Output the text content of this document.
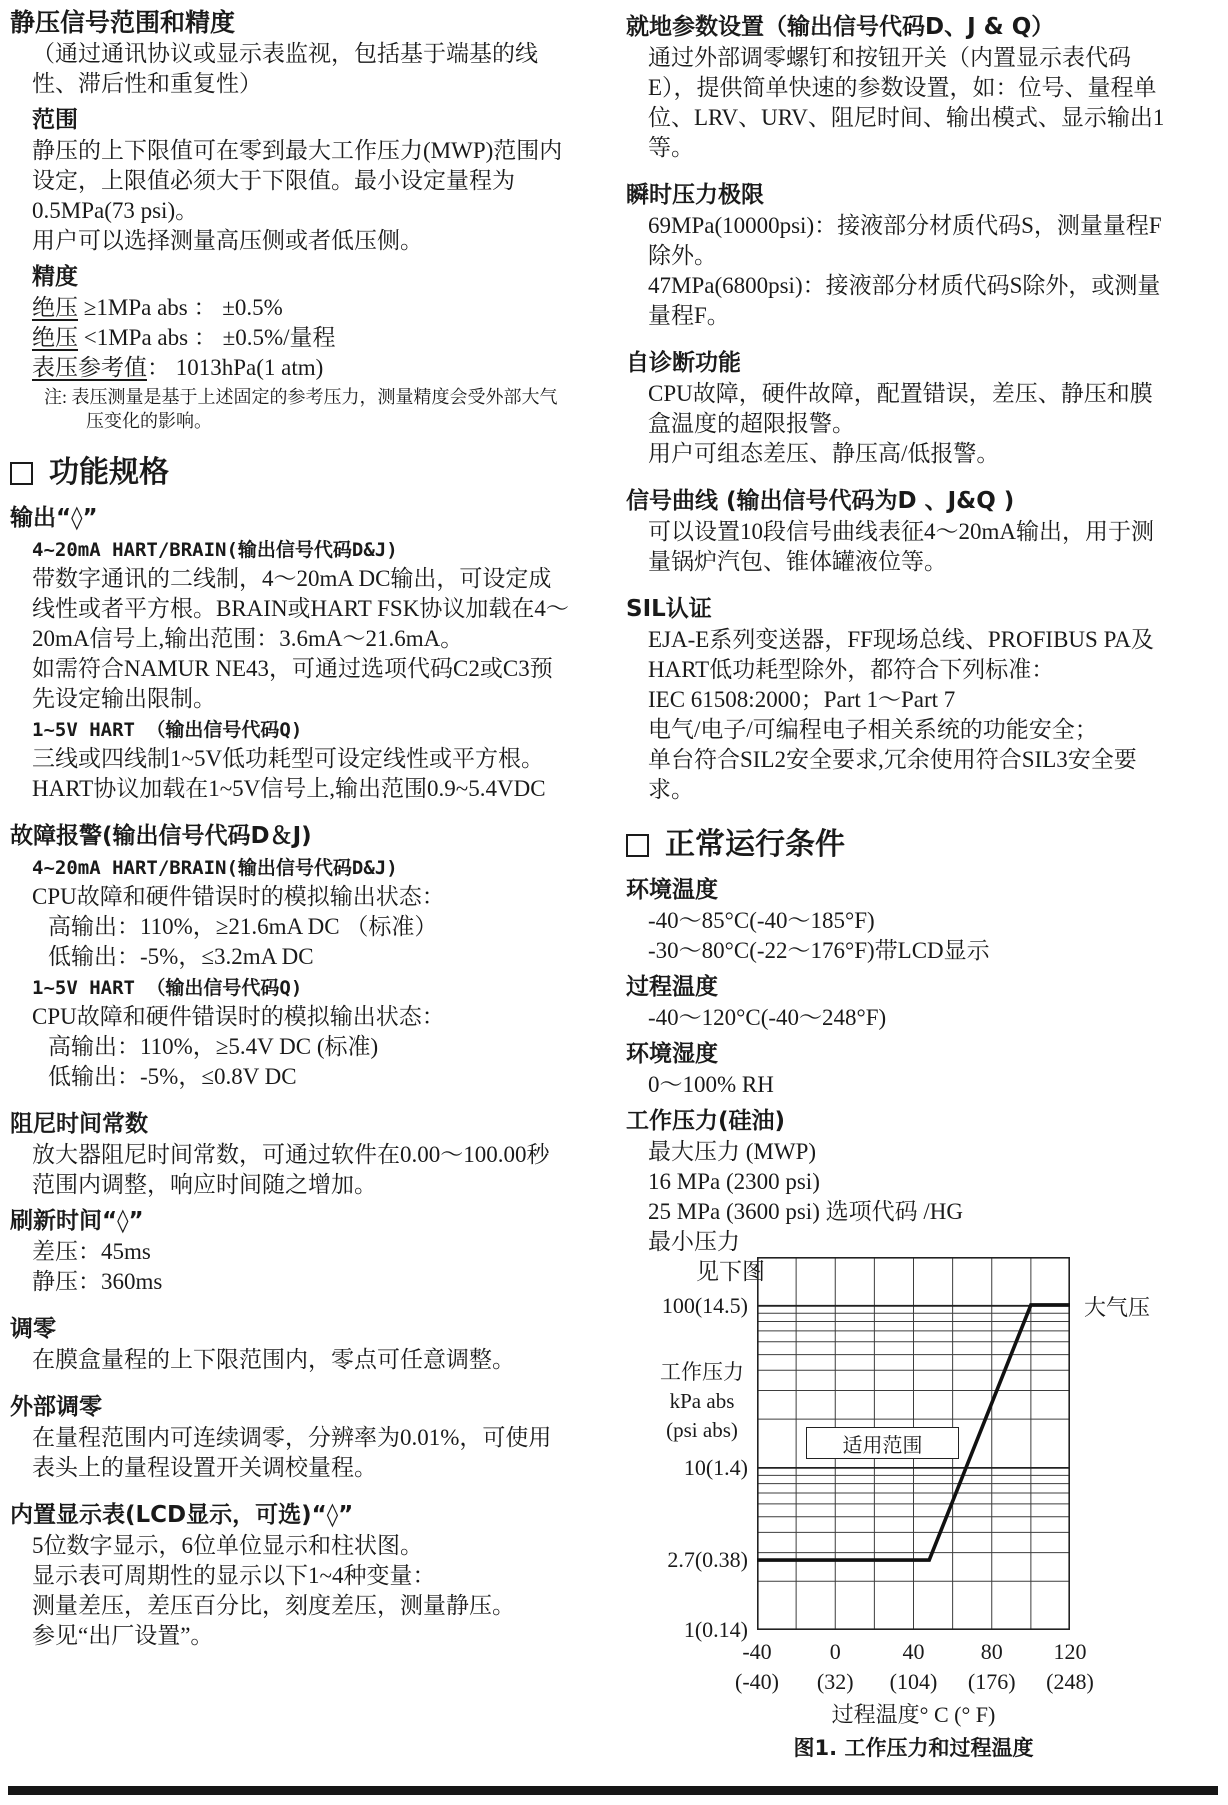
静压信号范围和精度
（通过通讯协议或显示表监视，包括基于端基的线性、滞后性和重复性）
范围
静压的上下限值可在零到最大工作压力(MWP)范围内设定，上限值必须大于下限值。最小设定量程为0.5MPa(73 psi)。
用户可以选择测量高压侧或者低压侧。
精度
绝压 ≥1MPa abs ： ±0.5%
绝压 <1MPa abs ： ±0.5%/量程
表压参考值： 1013hPa(1 atm)
注: 表压测量是基于上述固定的参考压力，测量精度会受外部大气压变化的影响。
功能规格
输出“◊”
4~20mA HART/BRAIN(输出信号代码D&J)
带数字通讯的二线制，4～20mA DC输出，可设定成线性或者平方根。BRAIN或HART FSK协议加载在4～20mA信号上,输出范围：3.6mA～21.6mA。
如需符合NAMUR NE43，可通过选项代码C2或C3预先设定输出限制。
1~5V HART （输出信号代码Q)
三线或四线制1~5V低功耗型可设定线性或平方根。
HART协议加载在1~5V信号上,输出范围0.9~5.4VDC
故障报警(输出信号代码D＆J)
4~20mA HART/BRAIN(输出信号代码D&J)
CPU故障和硬件错误时的模拟输出状态：
高输出：110%，≥21.6mA DC （标准）
低输出：-5%，≤3.2mA DC
1~5V HART （输出信号代码Q)
CPU故障和硬件错误时的模拟输出状态：
高输出：110%，≥5.4V DC (标准)
低输出：-5%，≤0.8V DC
阻尼时间常数
放大器阻尼时间常数，可通过软件在0.00～100.00秒范围内调整，响应时间随之增加。
刷新时间“◊”
差压：45ms
静压：360ms
调零
在膜盒量程的上下限范围内，零点可任意调整。
外部调零
在量程范围内可连续调零，分辨率为0.01%，可使用表头上的量程设置开关调校量程。
内置显示表(LCD显示，可选)“◊”
5位数字显示，6位单位显示和柱状图。
显示表可周期性的显示以下1~4种变量：
测量差压，差压百分比，刻度差压，测量静压。
参见“出厂设置”。
就地参数设置（输出信号代码D、J & Q）
通过外部调零螺钉和按钮开关（内置显示表代码E），提供简单快速的参数设置，如：位号、量程单位、LRV、URV、阻尼时间、输出模式、显示输出1等。
瞬时压力极限
69MPa(10000psi)：接液部分材质代码S，测量量程F除外。
47MPa(6800psi)：接液部分材质代码S除外，或测量量程F。
自诊断功能
CPU故障，硬件故障，配置错误，差压、静压和膜盒温度的超限报警。
用户可组态差压、静压高/低报警。
信号曲线 (输出信号代码为D 、J&Q )
可以设置10段信号曲线表征4～20mA输出，用于测量锅炉汽包、锥体罐液位等。
SIL认证
EJA-E系列变送器，FF现场总线、PROFIBUS PA及HART低功耗型除外，都符合下列标准：
IEC 61508:2000；Part 1～Part 7
电气/电子/可编程电子相关系统的功能安全；
单台符合SIL2安全要求,冗余使用符合SIL3安全要求。
正常运行条件
环境温度
-40～85°C(-40～185°F)
-30～80°C(-22～176°F)带LCD显示
过程温度
-40～120°C(-40～248°F)
环境湿度
0～100% RH
工作压力(硅油)
最大压力 (MWP)
16 MPa (2300 psi)
25 MPa (3600 psi) 选项代码 /HG
最小压力
见下图
工作压力
kPa abs
(psi abs)
适用范围
大气压
过程温度° C (° F)
图1. 工作压力和过程温度
100(14.5)
10(1.4)
2.7(0.38)
1(0.14)
-40
(-40)
0
(32)
40
(104)
80
(176)
120
(248)
